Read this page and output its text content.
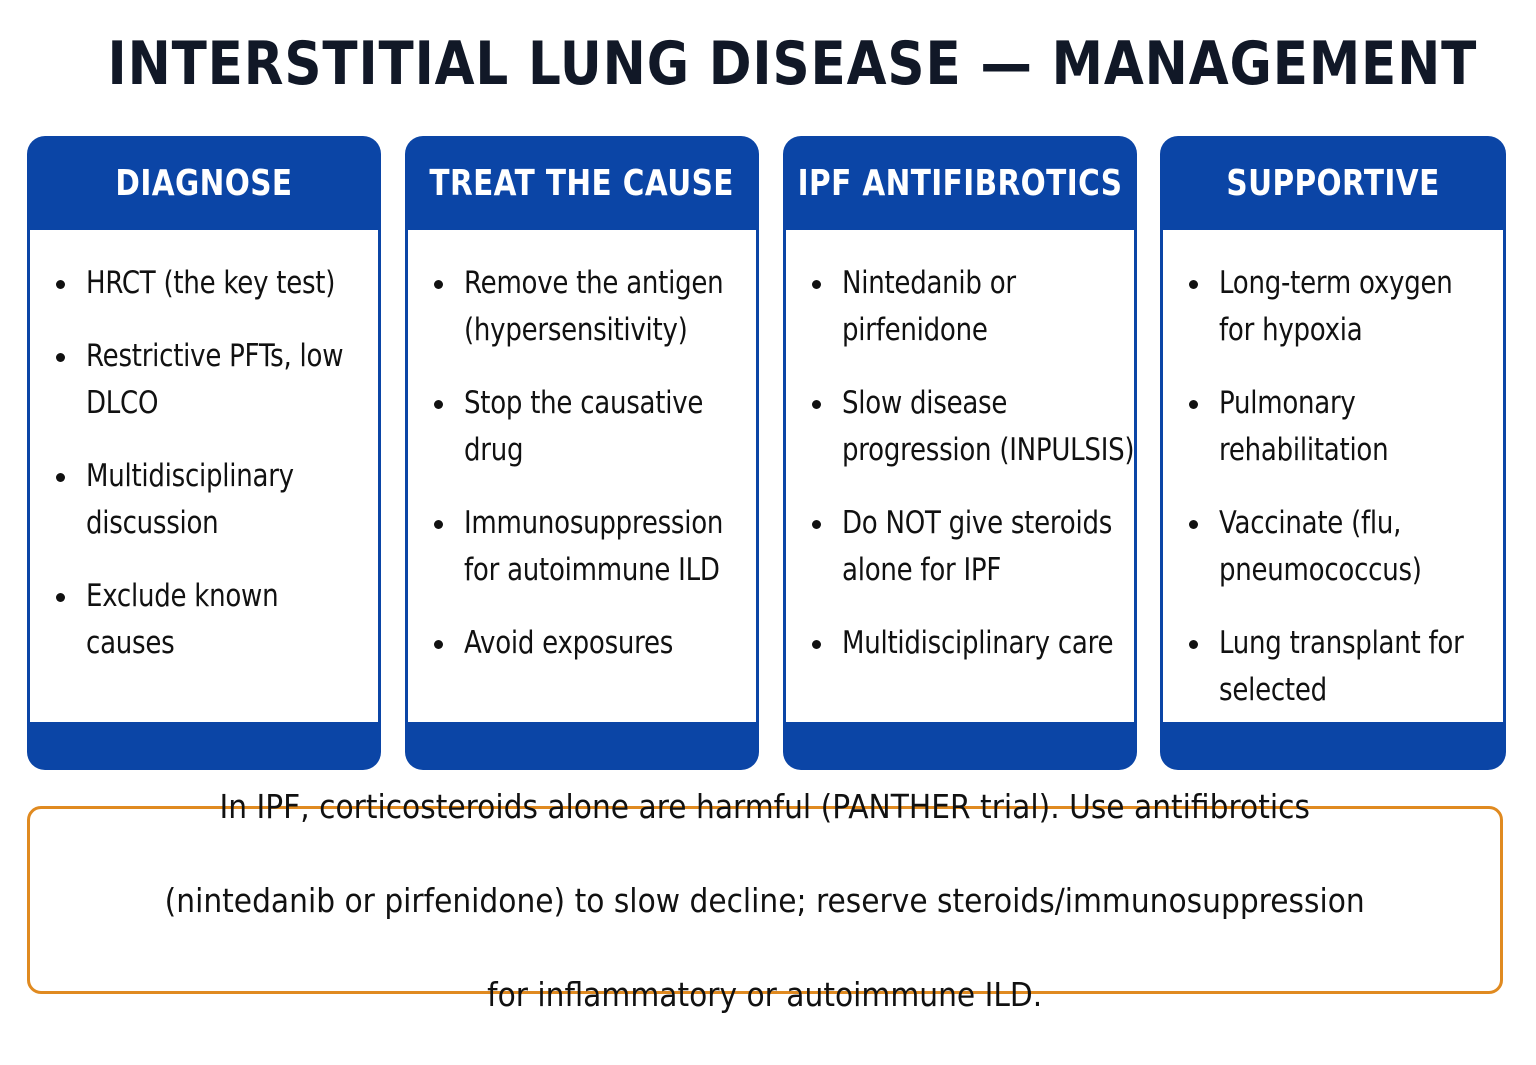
INTERSTITIAL LUNG DISEASE — MANAGEMENT
DIAGNOSE
HRCT (the key test)
Restrictive PFTs, low DLCO
Multidisciplinary discussion
Exclude known causes
TREAT THE CAUSE
Remove the antigen (hypersensitivity)
Stop the causative drug
Immunosuppression for autoimmune ILD
Avoid exposures
IPF ANTIFIBROTICS
Nintedanib or pirfenidone
Slow disease progression (INPULSIS)
Do NOT give steroids alone for IPF
Multidisciplinary care
SUPPORTIVE
Long-term oxygen for hypoxia
Pulmonary rehabilitation
Vaccinate (flu, pneumococcus)
Lung transplant for selected

In IPF, corticosteroids alone are harmful (PANTHER trial). Use antifibrotics

(nintedanib or pirfenidone) to slow decline; reserve steroids/immunosuppression

for inflammatory or autoimmune ILD.
